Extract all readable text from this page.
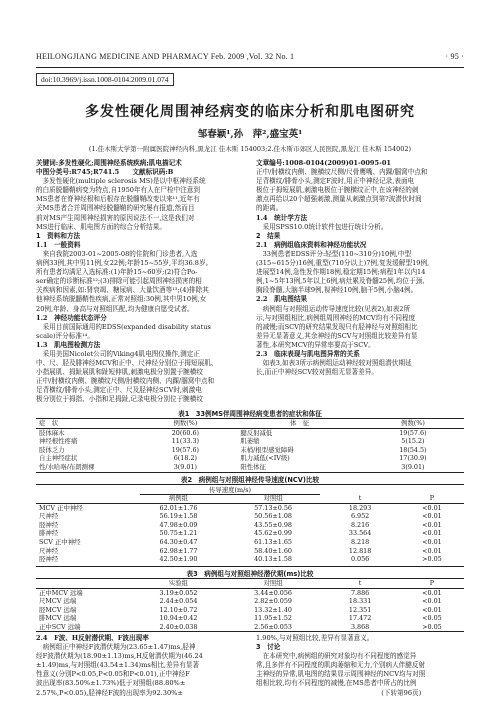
HEILONGJIANG MEDICINE AND PHARMACY Feb. 2009 ,Vol. 32 No. 1	· 95 ·
doi:10.3969/j.issn.1008-0104.2009.01.074
多发性硬化周围神经病变的临床分析和肌电图研究
邹春颖¹,孙　萍²,盛宝英¹
(1.佳木斯大学第一附属医院神经内科,黑龙江 佳木斯 154003;2.佳木斯市郊区人民医院,黑龙江 佳木斯 154002)

关键词:多发性硬化;周围神经系统疾病;肌电描记术

中图分类号:R745;R741.5　　文献标识码:B

　多发性硬化(multiple sclerosis MS)是以中枢神经系统

的白质脱髓鞘病变为特点,自1950年有人在尸检中注意到

MS患者在脊神经根和后根存在脱髓鞘改变以来¹¹,近年有

关MS患者合并周围神经脱髓鞘的研究屡有报道,然而目

前对MS产生周围神经损害的原因说法不一,这是我们对

MS进行临床、肌电图方面的综合分析结果。

1　资料和方法

1.1　一般资料

　来自我院2003-01~2005-08的住院和门诊患者,入选

病例33例,其中男11例,女22例;年龄15~55岁,平均36.8岁。

所有患者均满足入选标准:(1)年龄15~60岁;(2)符合Po-

ser确定的诊断标准¹²;(3)排除可能引起周围神经损害的相

关疾病和因素,如:肾衰竭、糖尿病、大量饮酒等¹³;(4)排除其

他神经系统脱髓鞘性疾病,正常对照组:30例,其中男10例,女

20例,年龄、身高与对照组匹配,均为健康自愿受试者。

1.2　神经功能状态评分

　采用目前国际通用的EDSS(expanded disability status

scale)评分标准¹⁴。

1.3　肌电图检测方法

　采用美国Nicolet公司的Viking4肌电图仪操作,测定正

中、尺、胫及腓神经MCV和正中、尺神经分别位于拇短展肌、

小指展肌、拇趾展肌和趾短伸肌,刺激电极分别置于腕横纹

正中/肘横纹内侧、腕横纹尺侧/肘横纹内侧、内踝/腘窝中点和

足背横纹/腓骨小头,测定正中、尺及胫神经SCV时,刺激电

极分别位于拇指、小指和足拇趾,记录电极分别位于腕横纹

文章编号:1008-0104(2009)01-0095-01

正中/肘横纹内侧、腕横纹尺侧/尺骨鹰嘴、内踝/腘窝中点和

足背横纹/腓骨小头,测定F波时,用正中神经记录,表面电

极位于拇短展肌,刺激电极位于腕横纹正中,在该神经的刺

激点再给以20个超强刺激,测量从刺激点到第?波潜伏时间

的距离。

1.4　统计学方法

　采用SPSS10.0统计软件包进行统计分析。

2　结果

2.1　病例组临床资料和神经功能状况

　33例患者EDSS评分:轻型(110~310分)10例,中型

(315~615分)16例,重型(710分以上)7例,复发缓解型19例,

进展型14例,急性发作期18例,稳定期15例;病程1年以内14

例,1~5年13例,5年以上6例,病灶累及脊髓25例,均位于颈、

胸段脊髓,大脑半球9例,视神经10例,脑干5例,小脑4例。

2.2　肌电图结果

　病例组与对照组运动传导速度比较(见表2),如表2所

示,与对照组相比,病例组周围神经的MCV均有不同程度

的减慢;而SCV的研究结果发现只有胫神经与对照组相比

差异无显著意义,其余神经的SCV与对照组比较差异有显

著性,本研究MCV的异常率要高于SCV。

2.3　临床表现与肌电图异常的关系

　如表3,如表3所示病例组运动神经较对照组潜伏期延

长,而正中神经SCV较对照组无显著差异。

表1　33例MS伴周围神经病变患者的症状和体征
症　状	例数(%)	体　征	例数(%)
肢体麻木	20(60.6)	腱反射减低	19(57.6)
神经根性疼痛	11(33.3)	肌萎缩	5(15.2)
肢体乏力	19(57.6)	末梢/根型感觉障碍	18(54.5)
自主神经症状	6(18.2)	肌力减低(<IV级)	17(30.9)
性/水哈咯/布朗测裸	3(9.01)	阳性体征	3(9.01)
表2　病例组与对照组神经传导速度(NCV)比较
传导速度(m/s)
	病例组	对照组	t	P
MCV 正中神经	62.01±1.76	57.13±0.56	18.293	<0.01
尺神经	56.19±1.58	50.56±1.08	6.952	<0.01
胫神经	47.98±0.09	43.55±0.98	8.216	<0.01
腓神经	50.75±1.21	45.62±0.99	33.564	<0.01
SCV 正中神经	64.30±0.47	61.13±1.65	8.218	<0.01
尺神经	62.98±1.77	58.40±1.60	12.818	<0.01
胫神经	42.50±1.90	40.13±1.58	0.056	>0.05
表3　病例组与对照组神经潜伏期(ms)比较
	实验组	对照组	t	P
正中MCV 远端	3.19±0.052	3.44±0.056	7.886	<0.01
尺MCV 远端	2.44±0.054	2.82±0.059	18.331	<0.01
胫MCV 远端	12.10±0.72	13.32±1.40	12.351	<0.01
腓MCV 远端	10.94±0.42	11.95±1.52	17.472	<0.05
正中SCV 远端	2.40±0.038	2.56±0.053	3.868	>0.05

2.4　F波、H反射潜伏期、F波出现率

　病例组正中神经F波潜伏期为(23.65±1.47)ms,胫神

经F波潜伏期为(18.90±1.13)ms,H反射潜伏期为(46.24

±1.49)ms,与对照组(43.54±1.34)ms相比,差异有显著

性意义(分别P<0.05,P<0.05和P<0.01),正中神经F

波出现率(83.50%±1.73%)低于对照组(88.80%±

2.57%,P<0.05),胫神经F波的出现率为92.30%±

1.90%,与对照组比较,差异有显著意义。

3　讨论

　在本研究中,病例组的研究对象均有不同程度的感觉异

常,且多伴有不同程度的肌肉萎缩和无力,个别病人伴腱反射

主神经的异常,肌电图的结果显示周围神经的NCV均与对照

组相比较,均有不同程度的减慢,在MS患者中所占的比例

　　　　　　　　　　　　　　　　　　　(下转第96页)
